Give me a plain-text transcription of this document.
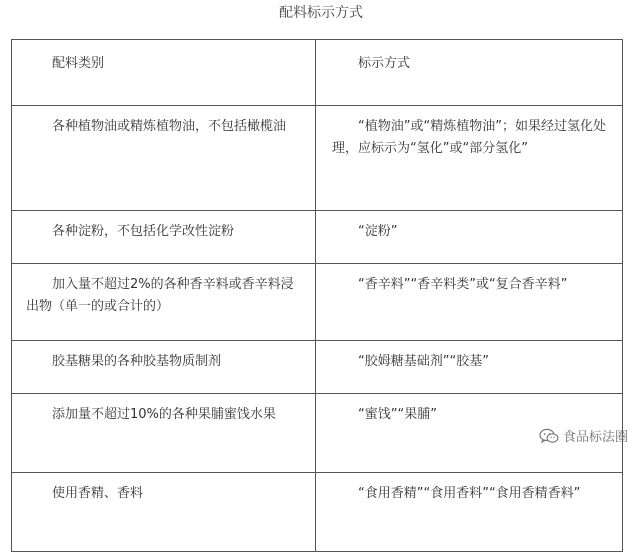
配料标示方式
配料类别	标示方式
各种植物油或精炼植物油，不包括橄榄油	“植物油”或“精炼植物油”；如果经过氢化处理，应标示为“氢化”或“部分氢化”
各种淀粉，不包括化学改性淀粉	“淀粉”
加入量不超过2%的各种香辛料或香辛料浸出物（单一的或合计的）	“香辛料”“香辛料类”或“复合香辛料”
胶基糖果的各种胶基物质制剂	“胶姆糖基础剂”“胶基”
添加量不超过10%的各种果脯蜜饯水果	“蜜饯”“果脯”
使用香精、香料	“食用香精”“食用香料”“食用香精香料”
食品标法圈
